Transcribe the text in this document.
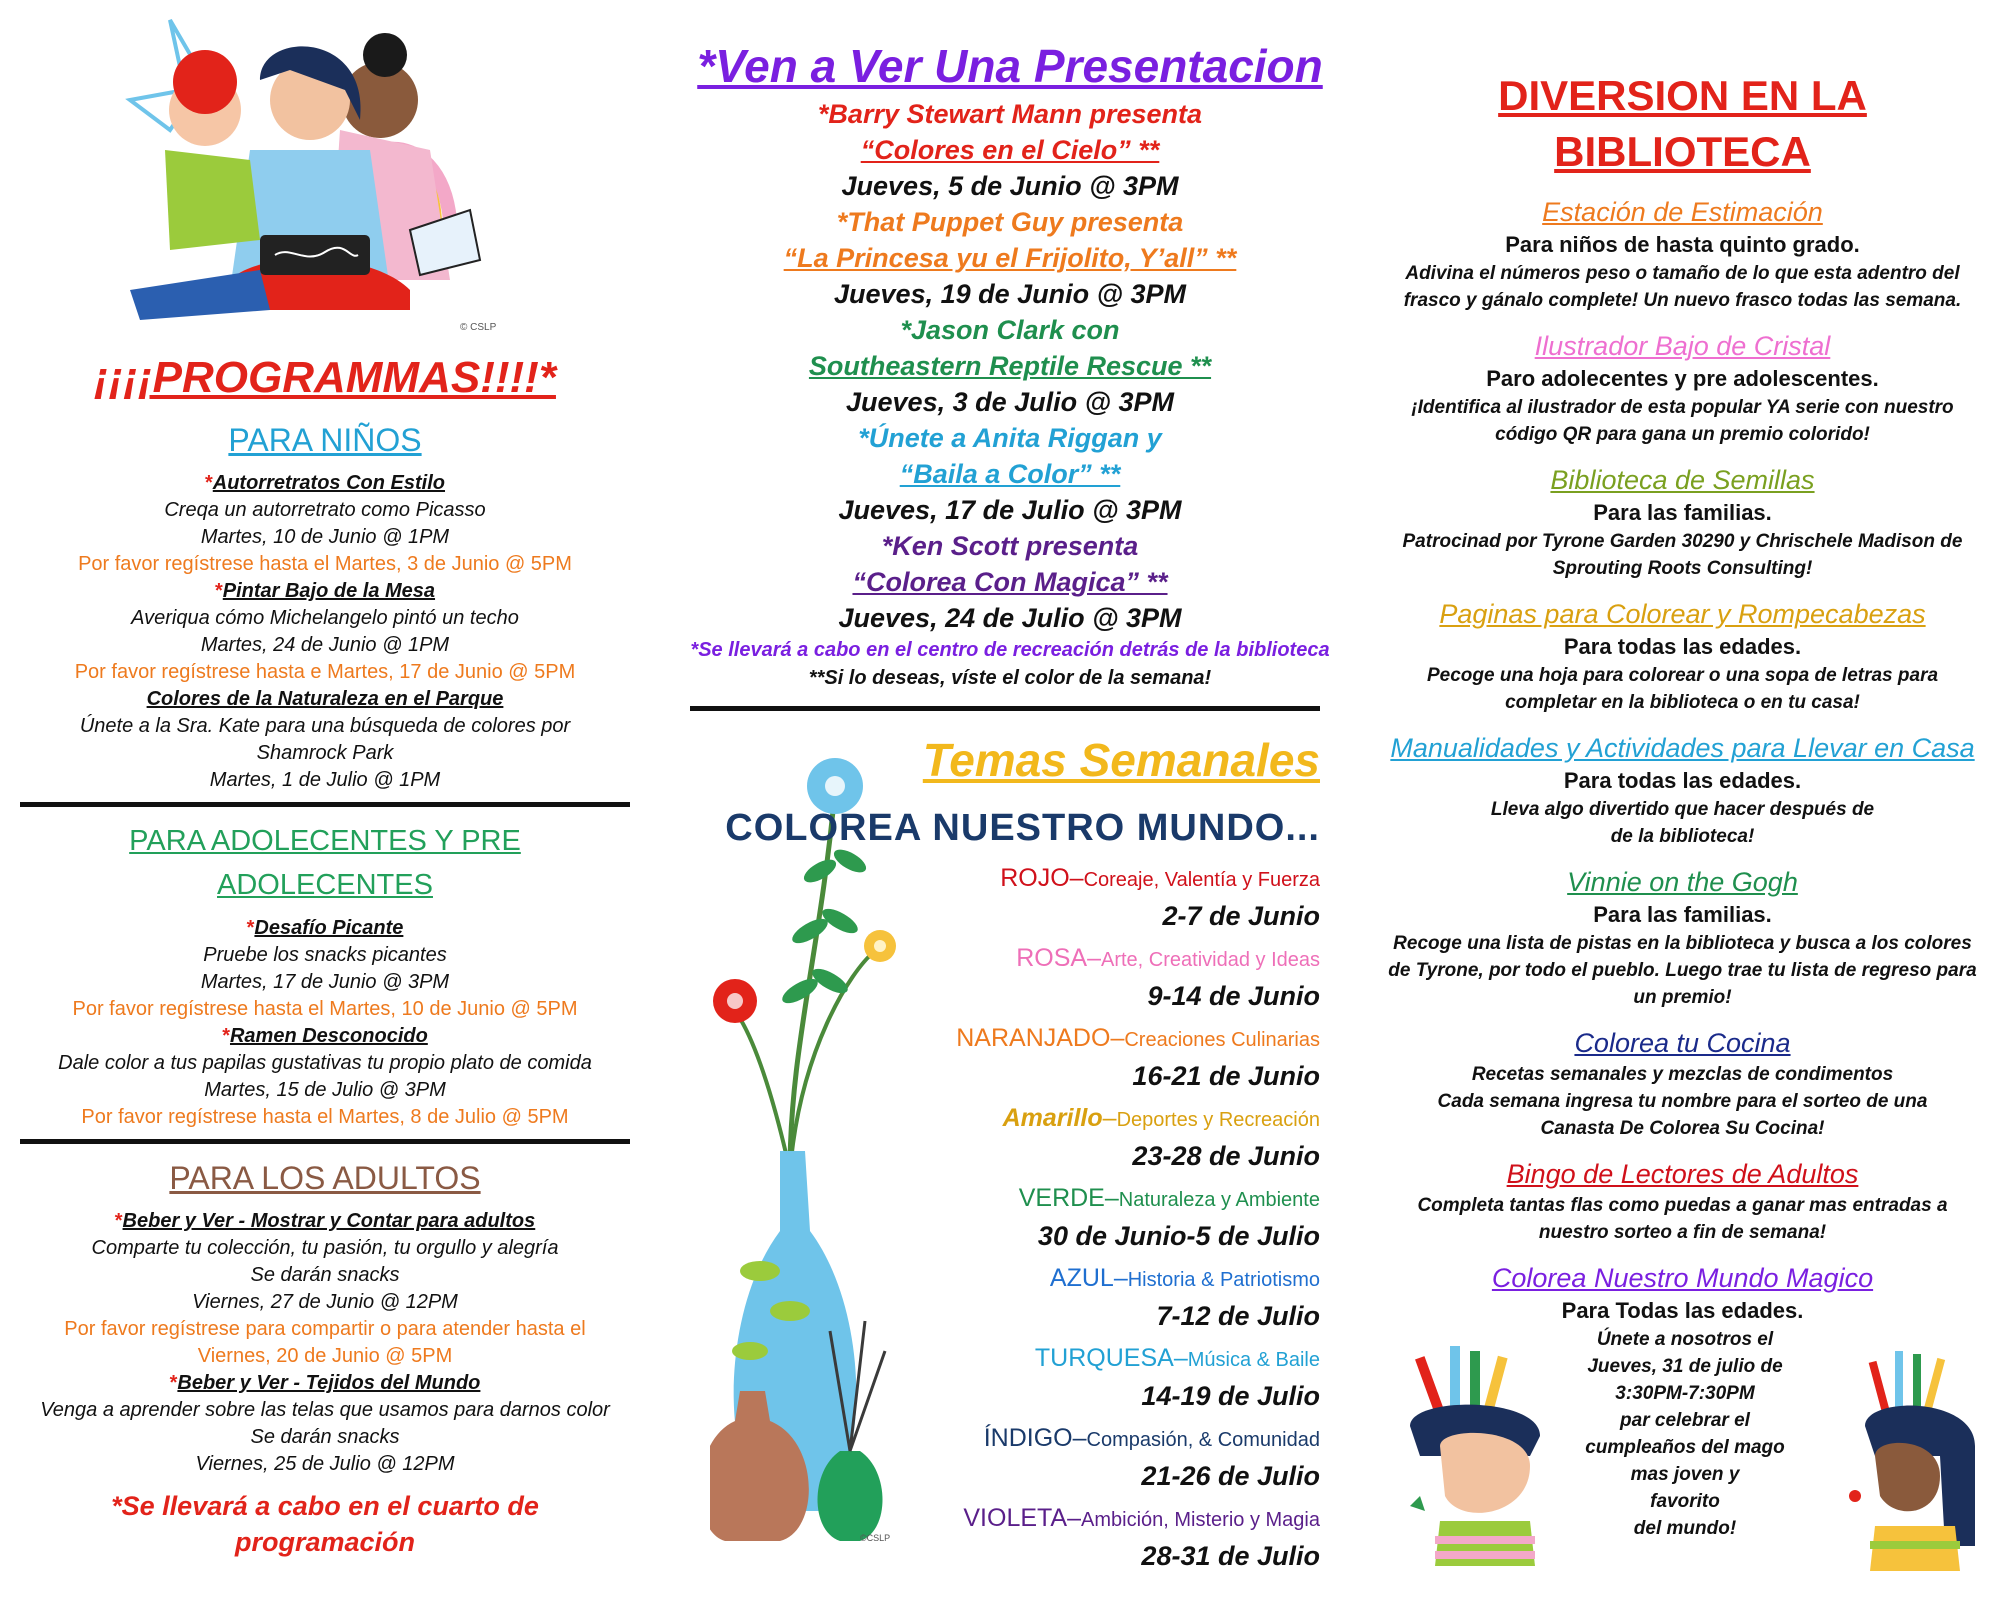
© CSLP
¡¡¡¡PROGRAMMAS!!!!*
PARA NIÑOS
*Autorretratos Con Estilo
Creqa un autorretrato como Picasso
Martes, 10 de Junio @ 1PM
Por favor regístrese hasta el Martes, 3 de Junio @ 5PM
*Pintar Bajo de la Mesa
Averiqua cómo Michelangelo pintó un techo
Martes, 24 de Junio @ 1PM
Por favor regístrese hasta e Martes, 17 de Junio @ 5PM
Colores de la Naturaleza en el Parque
Únete a la Sra. Kate para una búsqueda de colores por
Shamrock Park
Martes, 1 de Julio @ 1PM
PARA ADOLECENTES Y PRE ADOLECENTES
*Desafío Picante
Pruebe los snacks picantes
Martes, 17 de Junio @ 3PM
Por favor regístrese hasta el Martes, 10 de Junio @ 5PM
*Ramen Desconocido
Dale color a tus papilas gustativas tu propio plato de comida
Martes, 15 de Julio @ 3PM
Por favor regístrese hasta el Martes, 8 de Julio @ 5PM
PARA LOS ADULTOS
*Beber y Ver - Mostrar y Contar para adultos
Comparte tu colección, tu pasión, tu orgullo y alegría
Se darán snacks
Viernes, 27 de Junio @ 12PM
Por favor regístrese para compartir o para atender hasta el
Viernes, 20 de Junio @ 5PM
*Beber y Ver - Tejidos del Mundo
Venga a aprender sobre las telas que usamos para darnos color
Se darán snacks
Viernes, 25 de Julio @ 12PM
*Se llevará a cabo en el cuarto de programación
*Ven a Ver Una Presentacion
*Barry Stewart Mann presenta
“Colores en el Cielo” **
Jueves, 5 de Junio @ 3PM
*That Puppet Guy presenta
“La Princesa yu el Frijolito, Y’all” **
Jueves, 19 de Junio @ 3PM
*Jason Clark con
Southeastern Reptile Rescue **
Jueves, 3 de Julio @ 3PM
*Únete a Anita Riggan y
“Baila a Color” **
Jueves, 17 de Julio @ 3PM
*Ken Scott presenta
“Colorea Con Magica” **
Jueves, 24 de Julio @ 3PM
*Se llevará a cabo en el centro de recreación detrás de la biblioteca
**Si lo deseas, víste el color de la semana!
©CSLP
Temas Semanales
COLOREA NUESTRO MUNDO...
ROJO–Coreaje, Valentía y Fuerza
2-7 de Junio
ROSA–Arte, Creatividad y Ideas
9-14 de Junio
NARANJADO–Creaciones Culinarias
16-21 de Junio
Amarillo–Deportes y Recreación
23-28 de Junio
VERDE–Naturaleza y Ambiente
30 de Junio-5 de Julio
AZUL–Historia & Patriotismo
7-12 de Julio
TURQUESA–Música & Baile
14-19 de Julio
ÍNDIGO–Compasión, & Comunidad
21-26 de Julio
VIOLETA–Ambición, Misterio y Magia
28-31 de Julio
DIVERSION EN LA BIBLIOTECA
Estación de Estimación
Para niños de hasta quinto grado.
Adivina el números peso o tamaño de lo que esta adentro del
frasco y gánalo complete! Un nuevo frasco todas las semana.
Ilustrador Bajo de Cristal
Paro adolecentes y pre adolescentes.
¡Identifica al ilustrador de esta popular YA serie con nuestro
código QR para gana un premio colorido!
Biblioteca de Semillas
Para las familias.
Patrocinad por Tyrone Garden 30290 y Chrischele Madison de
Sprouting Roots Consulting!
Paginas para Colorear y Rompecabezas
Para todas las edades.
Pecoge una hoja para colorear o una sopa de letras para
completar en la biblioteca o en tu casa!
Manualidades y Actividades para Llevar en Casa
Para todas las edades.
Lleva algo divertido que hacer después de
de la biblioteca!
Vinnie on the Gogh
Para las familias.
Recoge una lista de pistas en la biblioteca y busca a los colores
de Tyrone, por todo el pueblo. Luego trae tu lista de regreso para
un premio!
Colorea tu Cocina
Recetas semanales y mezclas de condimentos
Cada semana ingresa tu nombre para el sorteo de una
Canasta De Colorea Su Cocina!
Bingo de Lectores de Adultos
Completa tantas flas como puedas a ganar mas entradas a
nuestro sorteo a fin de semana!
Colorea Nuestro Mundo Magico
Para Todas las edades.
Únete a nosotros el
Jueves, 31 de julio de
3:30PM-7:30PM
par celebrar el
cumpleaños del mago
mas joven y
favorito
del mundo!
